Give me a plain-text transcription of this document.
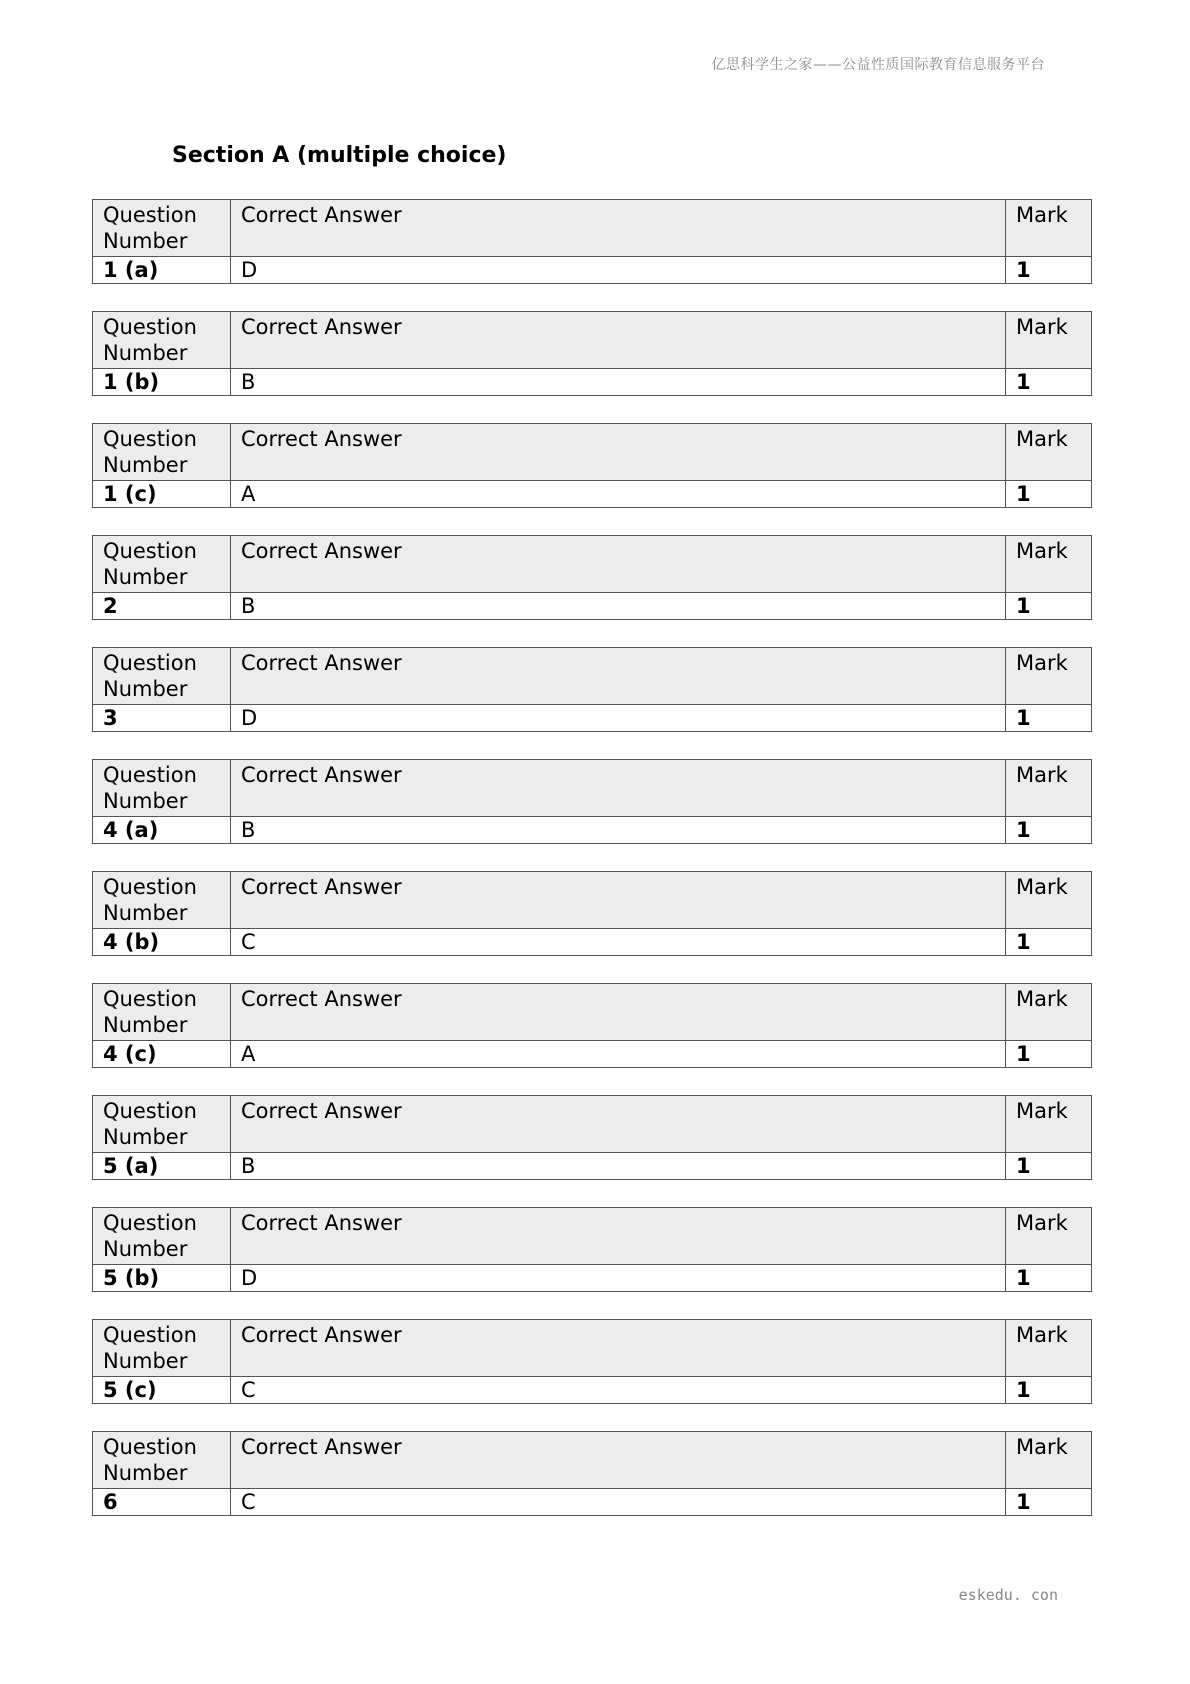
亿思科学生之家——公益性质国际教育信息服务平台
Section A (multiple choice)
Question Number	Correct Answer	Mark
1 (a)	D	1
Question Number	Correct Answer	Mark
1 (b)	B	1
Question Number	Correct Answer	Mark
1 (c)	A	1
Question Number	Correct Answer	Mark
2	B	1
Question Number	Correct Answer	Mark
3	D	1
Question Number	Correct Answer	Mark
4 (a)	B	1
Question Number	Correct Answer	Mark
4 (b)	C	1
Question Number	Correct Answer	Mark
4 (c)	A	1
Question Number	Correct Answer	Mark
5 (a)	B	1
Question Number	Correct Answer	Mark
5 (b)	D	1
Question Number	Correct Answer	Mark
5 (c)	C	1
Question Number	Correct Answer	Mark
6	C	1
eskedu. con
